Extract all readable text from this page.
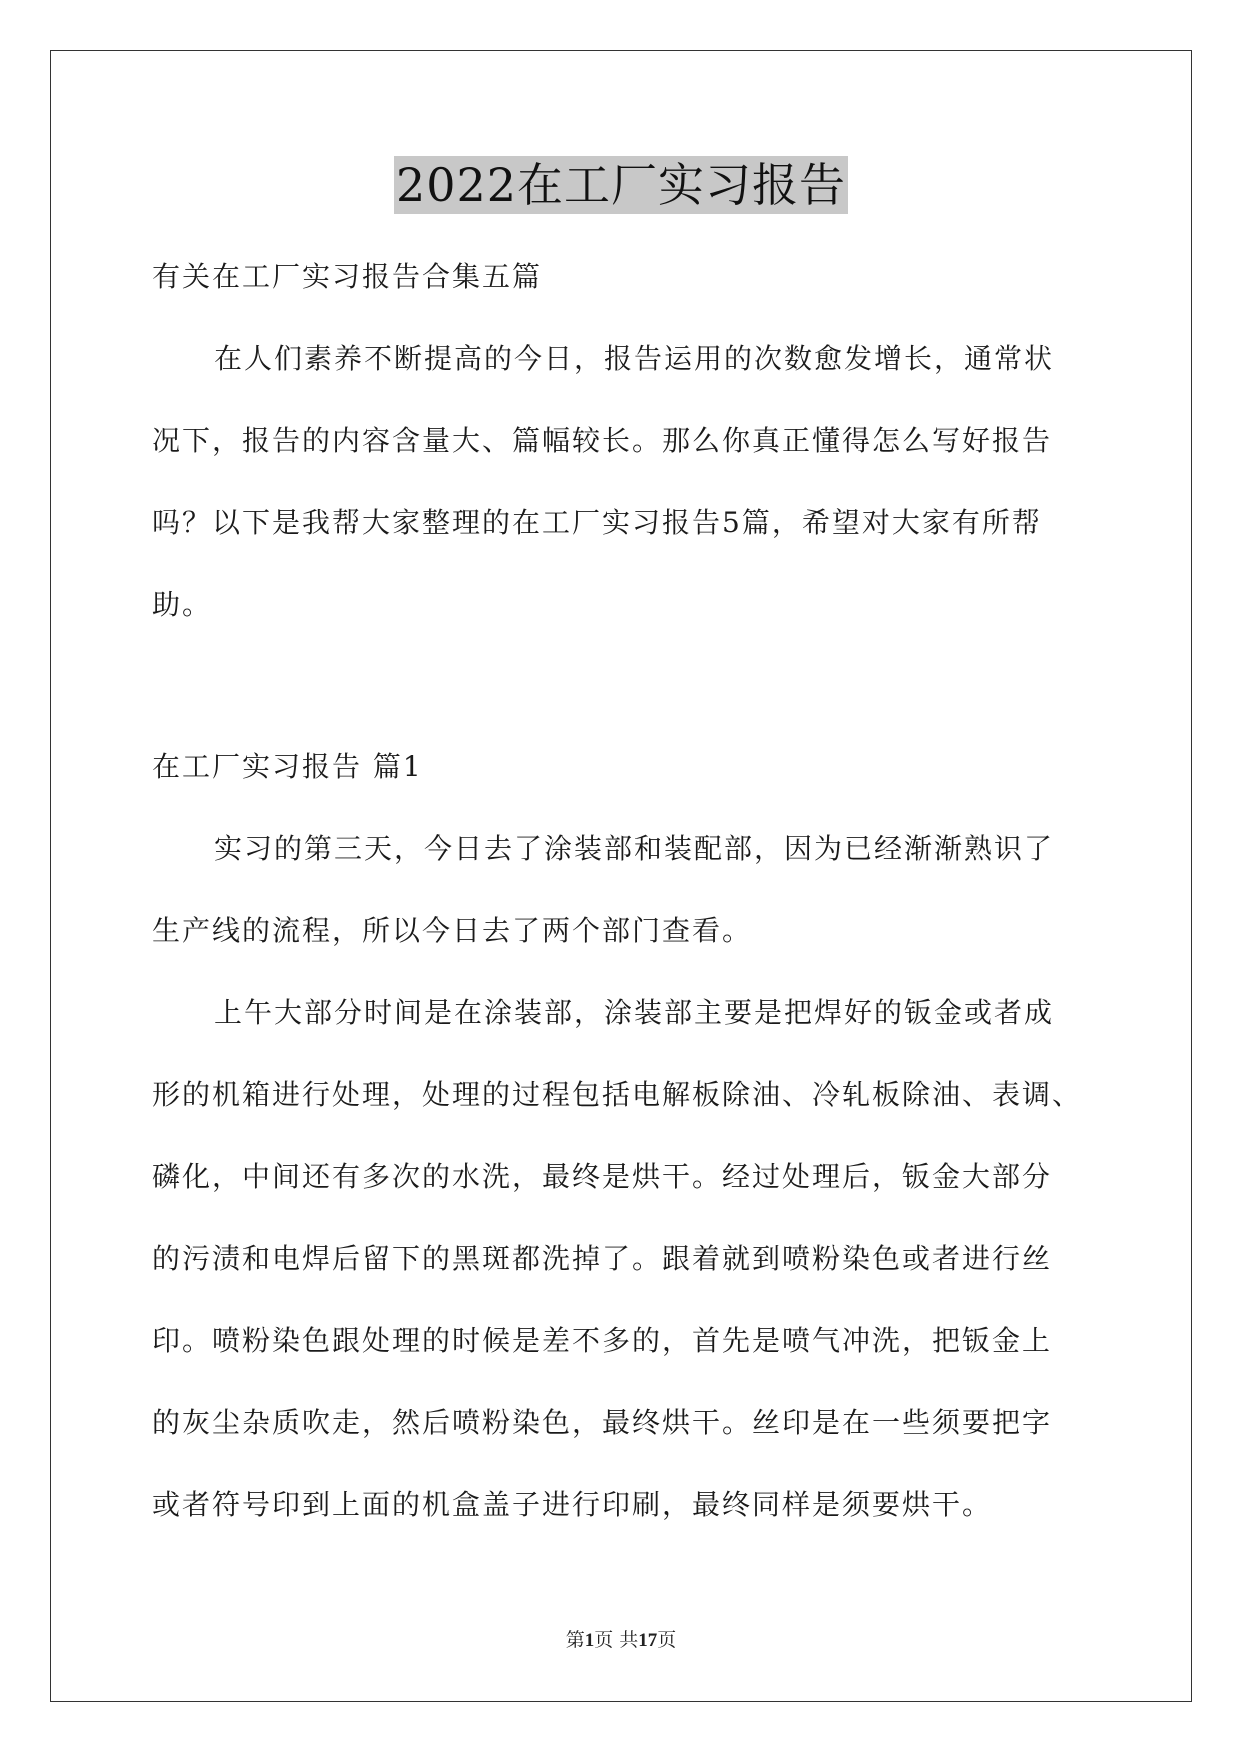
2022在工厂实习报告
有关在工厂实习报告合集五篇
在人们素养不断提高的今日，报告运用的次数愈发增长，通常状
况下，报告的内容含量大、篇幅较长。那么你真正懂得怎么写好报告
吗？以下是我帮大家整理的在工厂实习报告5篇，希望对大家有所帮
助。
在工厂实习报告 篇1
实习的第三天，今日去了涂装部和装配部，因为已经渐渐熟识了
生产线的流程，所以今日去了两个部门查看。
上午大部分时间是在涂装部，涂装部主要是把焊好的钣金或者成
形的机箱进行处理，处理的过程包括电解板除油、冷轧板除油、表调、
磷化，中间还有多次的水洗，最终是烘干。经过处理后，钣金大部分
的污渍和电焊后留下的黑斑都洗掉了。跟着就到喷粉染色或者进行丝
印。喷粉染色跟处理的时候是差不多的，首先是喷气冲洗，把钣金上
的灰尘杂质吹走，然后喷粉染色，最终烘干。丝印是在一些须要把字
或者符号印到上面的机盒盖子进行印刷，最终同样是须要烘干。
第1页 共17页
